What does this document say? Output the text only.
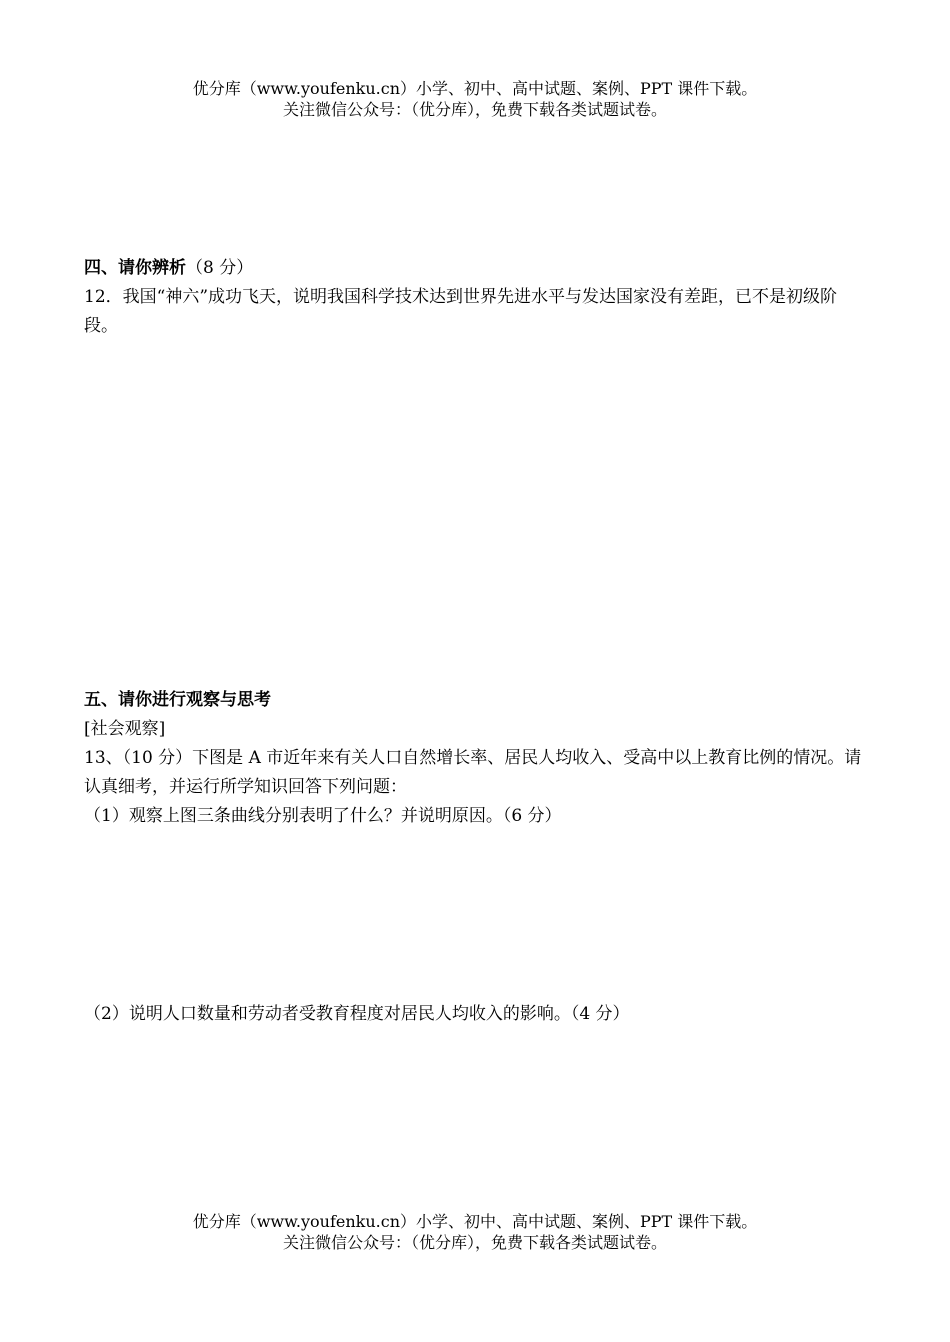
优分库（www.youfenku.cn）小学、初中、高中试题、案例、PPT 课件下载。
关注微信公众号：（优分库），免费下载各类试题试卷。
四、请你辨析（8 分）
12．我国“神六”成功飞天，说明我国科学技术达到世界先进水平与发达国家没有差距，已不是初级阶段。
五、请你进行观察与思考
[社会观察]
13、（10 分）下图是 A 市近年来有关人口自然增长率、居民人均收入、受高中以上教育比例的情况。请认真细考，并运行所学知识回答下列问题：
（1）观察上图三条曲线分别表明了什么？并说明原因。（6 分）
（2）说明人口数量和劳动者受教育程度对居民人均收入的影响。（4 分）
优分库（www.youfenku.cn）小学、初中、高中试题、案例、PPT 课件下载。
关注微信公众号：（优分库），免费下载各类试题试卷。
